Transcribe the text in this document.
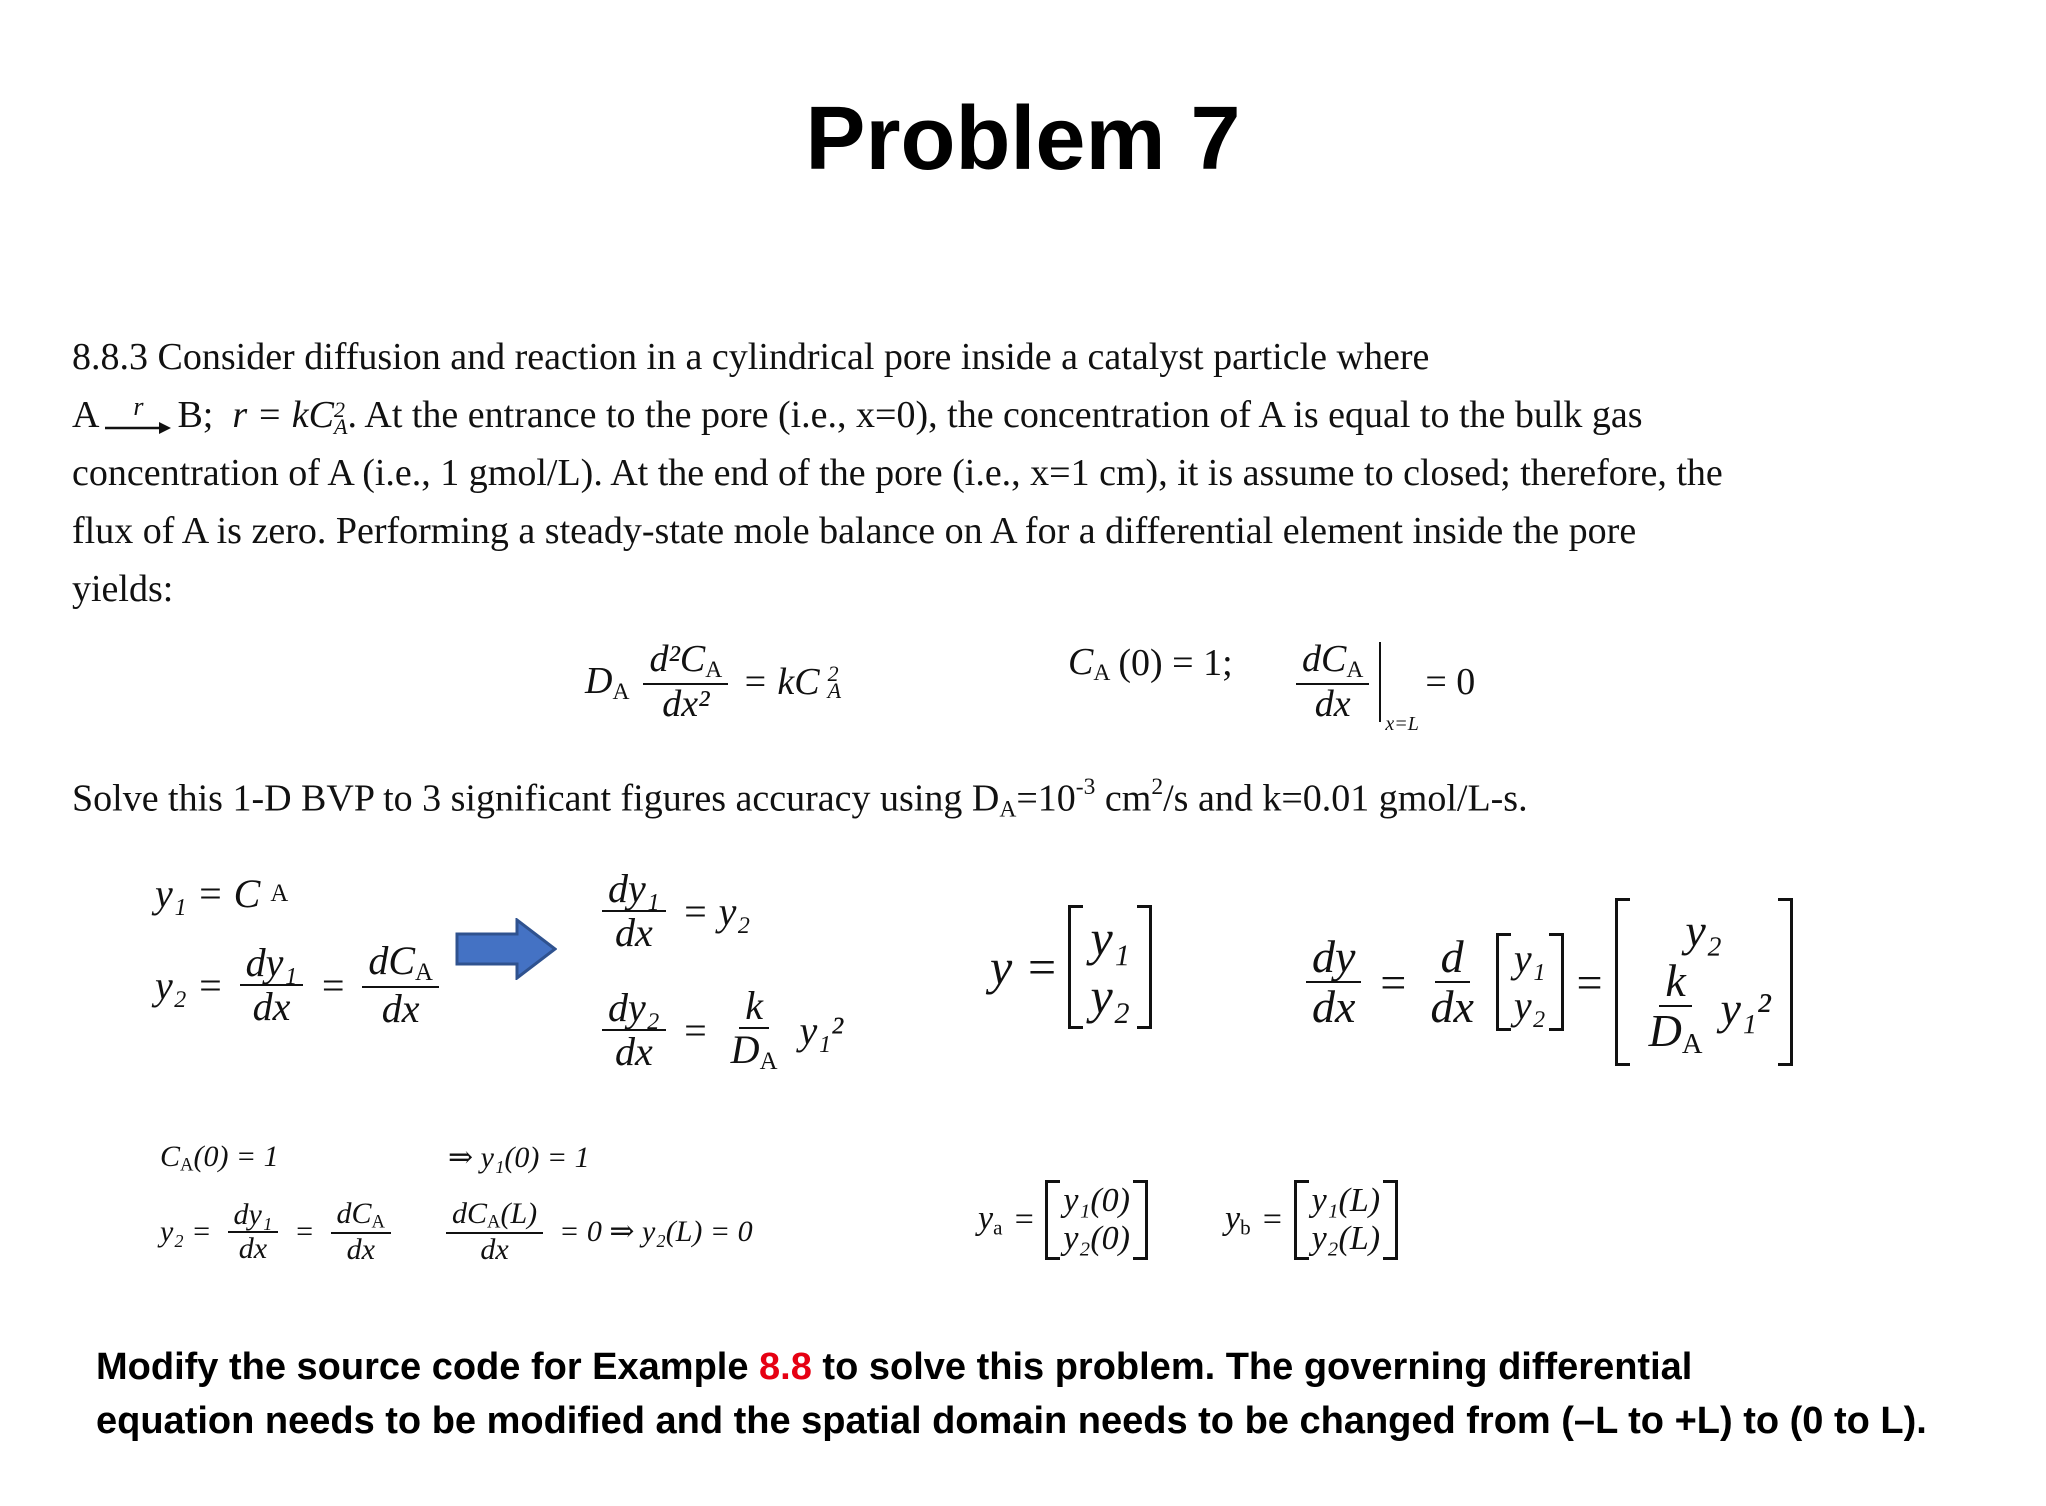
Problem 7

8.8.3 Consider diffusion and reaction in a cylindrical pore inside a catalyst particle where

A r B; r = kC 2
A . At the entrance to the pore (i.e., x=0), the concentration of A is equal to the bulk gas

concentration of A (i.e., 1 gmol/L). At the end of the pore (i.e., x=1 cm), it is assume to closed; therefore, the

flux of A is zero. Performing a steady-state mole balance on A for a differential element inside the pore

yields:

$D_A \frac{d^2C_A}{\text{dx²}}$ = kC 2
A
$C_A$ (0) = 1; $\frac{dC_A}{dx} x=L$
= 0
Solve this 1-D BVP to 3 significant figures accuracy using $D_A=10^{-3}$ $cm^2/s$ and k=0.01 gmol/L-s.
y₁ = C A
$y_2 = \frac{\text{dy₁}}{dx} = \frac{dC_A}{dx}$
$\frac{\text{dy₁}}{dx} = y_2$
$\frac{\text{dy₂}}{dx} = \frac{k}{D_A} y_1^2$
y =
y₁
y₂	$\frac{dy}{dx} = \frac{d}{dx} y_1$
y₂ =
y₂
$\frac{k}{D_A} y_1^2$
$C_A(0) = 1$	⇒ y₁(0) = 1
$y_2 = \frac{\text{dy₁}}{dx} = \frac{dC_A}{dx} \frac{dC_A(L)}{dx} = 0$ ⇒ y₂(L) = 0	$y_a$ =
y₁(0)
y₂(0)
$y_b$ =
y₁(L)
y₂(L)
Modify the source code for Example 8.8 to solve this problem. The governing differential
equation needs to be modified and the spatial domain needs to be changed from (–L to +L) to (0 to L).
